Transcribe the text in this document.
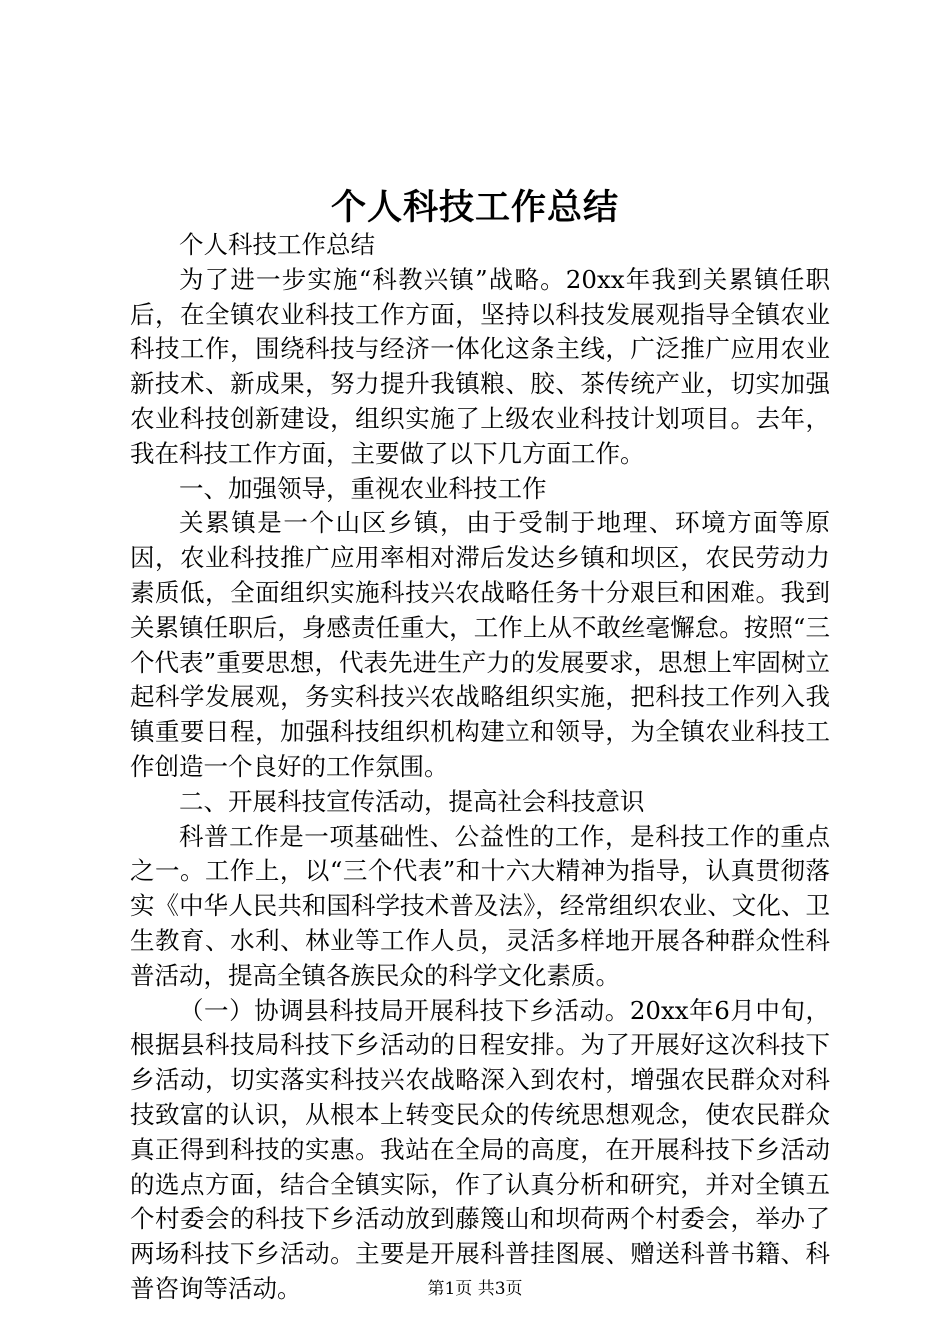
个人科技工作总结

个人科技工作总结

为了进一步实施“科教兴镇”战略。20xx年我到关累镇任职后，在全镇农业科技工作方面，坚持以科技发展观指导全镇农业科技工作，围绕科技与经济一体化这条主线，广泛推广应用农业新技术、新成果，努力提升我镇粮、胶、茶传统产业，切实加强农业科技创新建设，组织实施了上级农业科技计划项目。去年，我在科技工作方面，主要做了以下几方面工作。

一、加强领导，重视农业科技工作

关累镇是一个山区乡镇，由于受制于地理、环境方面等原因，农业科技推广应用率相对滞后发达乡镇和坝区，农民劳动力素质低，全面组织实施科技兴农战略任务十分艰巨和困难。我到关累镇任职后，身感责任重大，工作上从不敢丝毫懈怠。按照“三个代表”重要思想，代表先进生产力的发展要求，思想上牢固树立起科学发展观，务实科技兴农战略组织实施，把科技工作列入我镇重要日程，加强科技组织机构建立和领导，为全镇农业科技工作创造一个良好的工作氛围。

二、开展科技宣传活动，提高社会科技意识

科普工作是一项基础性、公益性的工作，是科技工作的重点之一。工作上，以“三个代表”和十六大精神为指导，认真贯彻落实《中华人民共和国科学技术普及法》，经常组织农业、文化、卫生教育、水利、林业等工作人员，灵活多样地开展各种群众性科普活动，提高全镇各族民众的科学文化素质。

（一）协调县科技局开展科技下乡活动。20xx年6月中旬，根据县科技局科技下乡活动的日程安排。为了开展好这次科技下乡活动，切实落实科技兴农战略深入到农村，增强农民群众对科技致富的认识，从根本上转变民众的传统思想观念，使农民群众真正得到科技的实惠。我站在全局的高度，在开展科技下乡活动的选点方面，结合全镇实际，作了认真分析和研究，并对全镇五个村委会的科技下乡活动放到藤篾山和坝荷两个村委会，举办了两场科技下乡活动。主要是开展科普挂图展、赠送科普书籍、科普咨询等活动。	第1页 共3页
